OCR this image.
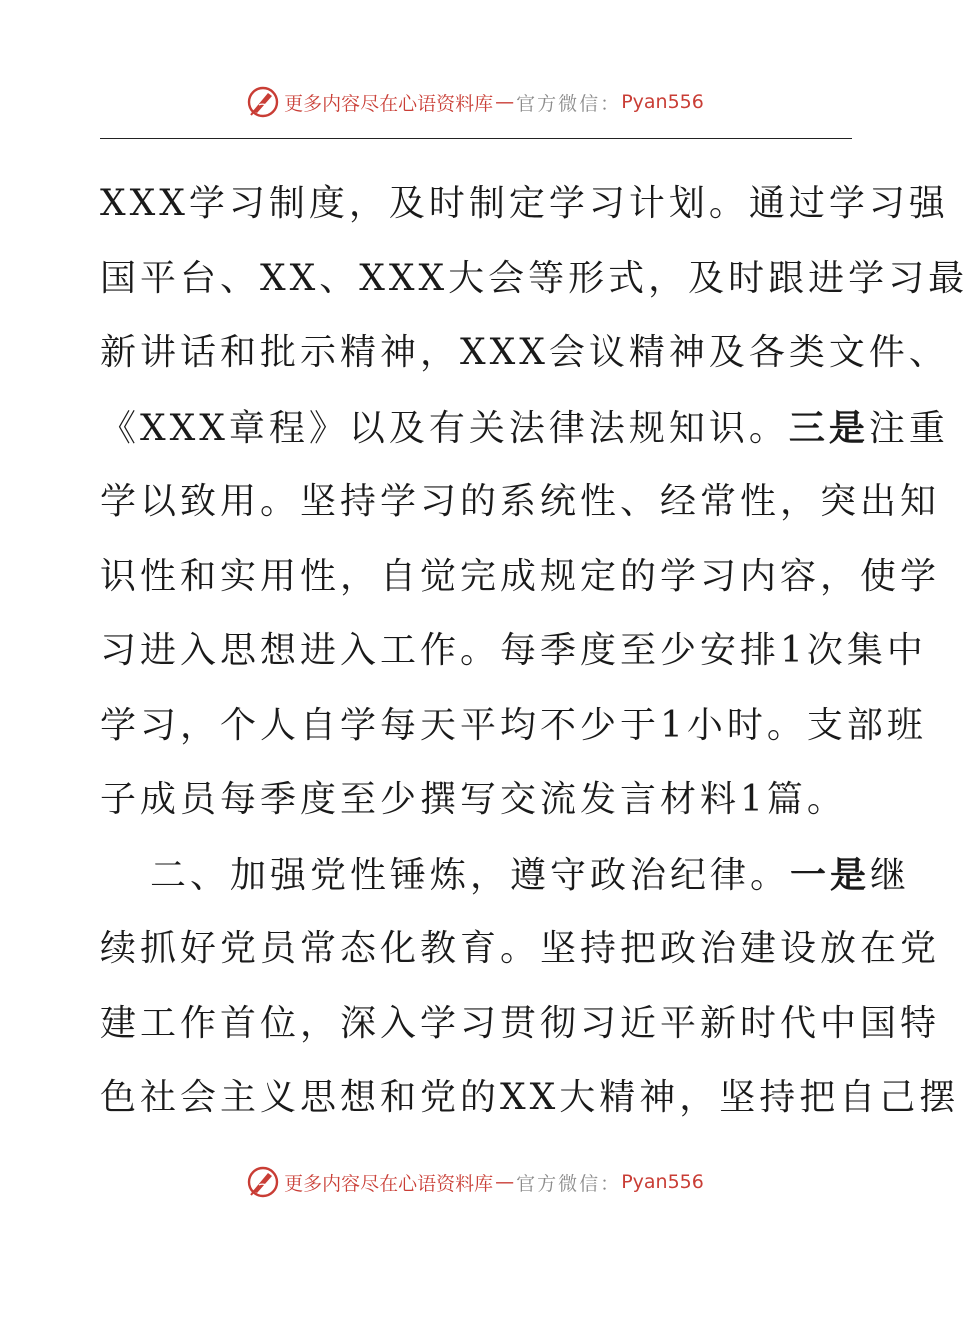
更多内容尽在心语资料库 — 官方微信： Pyan556
XXX学习制度，及时制定学习计划。通过学习强
国平台、XX、XXX大会等形式，及时跟进学习最
新讲话和批示精神，XXX会议精神及各类文件、
《XXX章程》以及有关法律法规知识。三是注重
学以致用。坚持学习的系统性、经常性，突出知
识性和实用性，自觉完成规定的学习内容，使学
习进入思想进入工作。每季度至少安排1次集中
学习，个人自学每天平均不少于1小时。支部班
子成员每季度至少撰写交流发言材料1篇。
二、加强党性锤炼，遵守政治纪律。一是继
续抓好党员常态化教育。坚持把政治建设放在党
建工作首位，深入学习贯彻习近平新时代中国特
色社会主义思想和党的XX大精神，坚持把自己摆
更多内容尽在心语资料库 — 官方微信： Pyan556
